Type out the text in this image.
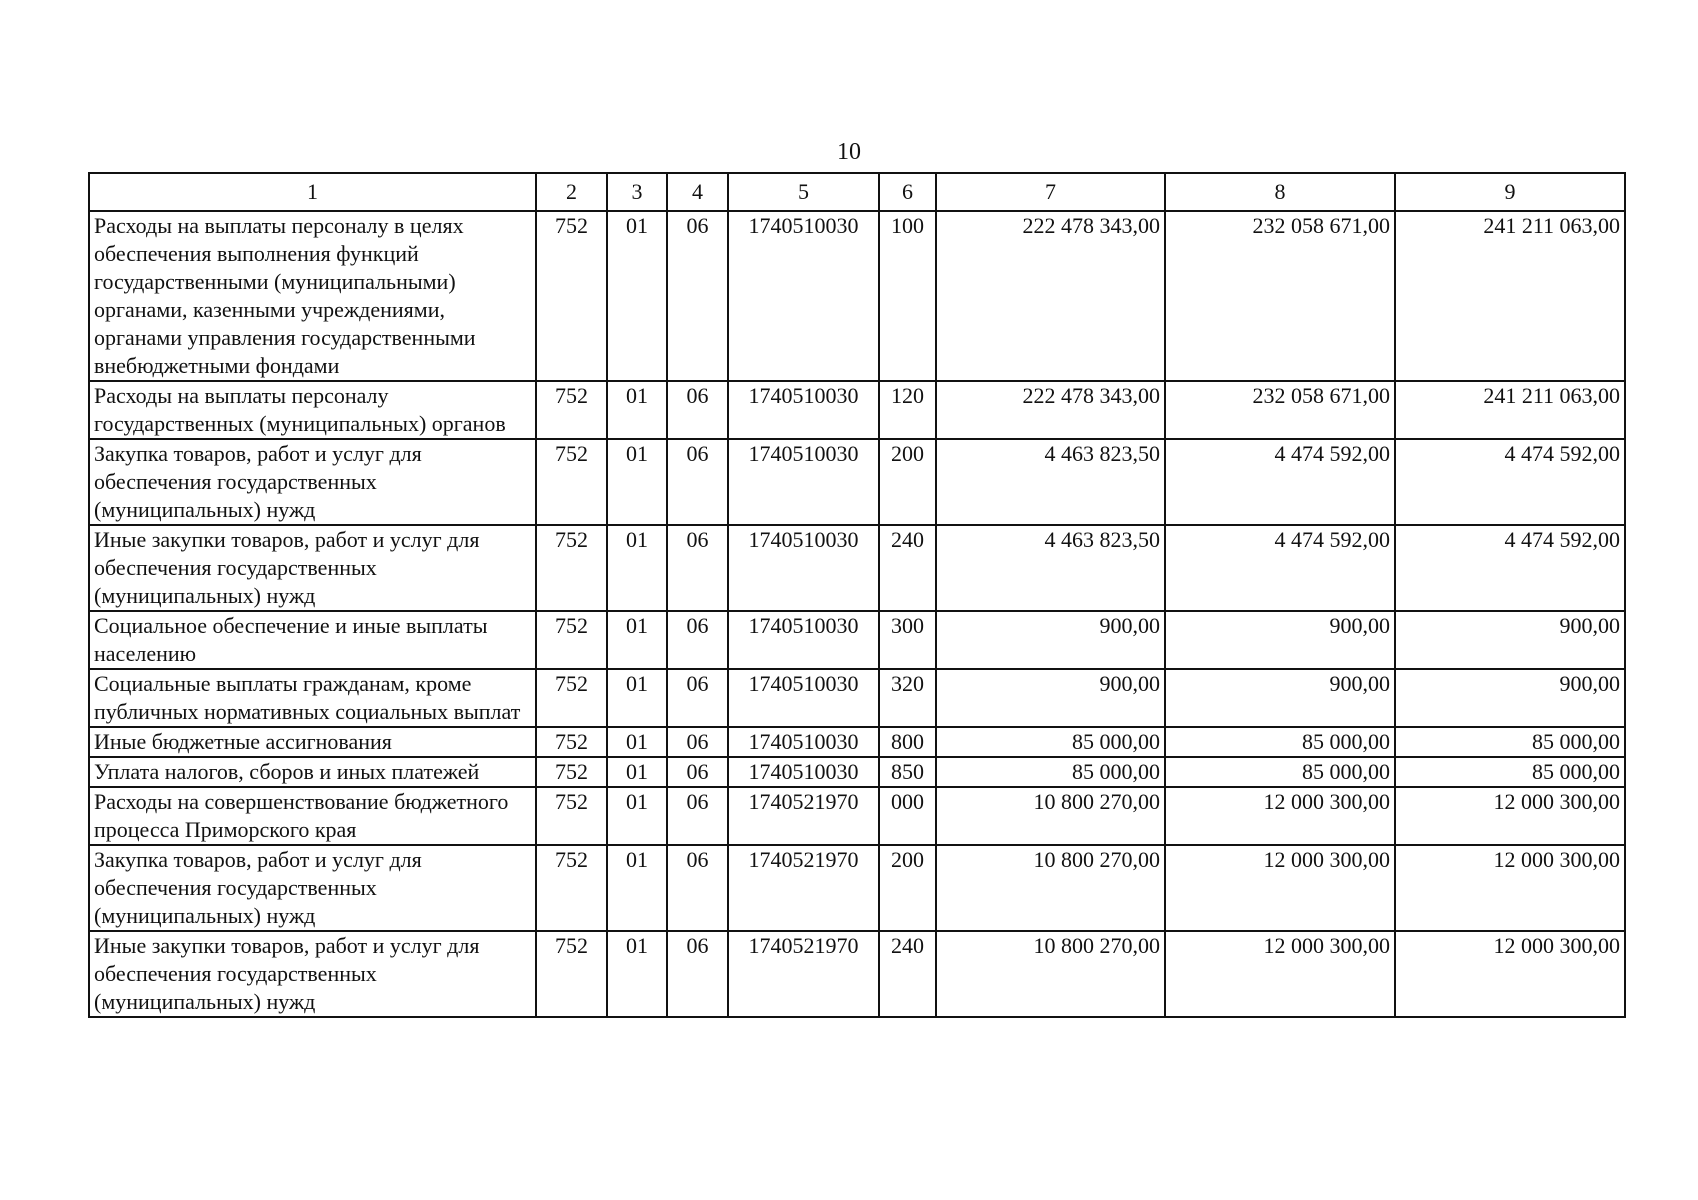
10
1	2	3	4	5	6	7	8	9
Расходы на выплаты персоналу в целях обеспечения выполнения функций государственными (муниципальными) органами, казенными учреждениями, органами управления государственными внебюджетными фондами	752	01	06	1740510030	100	222 478 343,00	232 058 671,00	241 211 063,00
Расходы на выплаты персоналу государственных (муниципальных) органов	752	01	06	1740510030	120	222 478 343,00	232 058 671,00	241 211 063,00
Закупка товаров, работ и услуг для обеспечения государственных (муниципальных) нужд	752	01	06	1740510030	200	4 463 823,50	4 474 592,00	4 474 592,00
Иные закупки товаров, работ и услуг для обеспечения государственных (муниципальных) нужд	752	01	06	1740510030	240	4 463 823,50	4 474 592,00	4 474 592,00
Социальное обеспечение и иные выплаты населению	752	01	06	1740510030	300	900,00	900,00	900,00
Социальные выплаты гражданам, кроме публичных нормативных социальных выплат	752	01	06	1740510030	320	900,00	900,00	900,00
Иные бюджетные ассигнования	752	01	06	1740510030	800	85 000,00	85 000,00	85 000,00
Уплата налогов, сборов и иных платежей	752	01	06	1740510030	850	85 000,00	85 000,00	85 000,00
Расходы на совершенствование бюджетного процесса Приморского края	752	01	06	1740521970	000	10 800 270,00	12 000 300,00	12 000 300,00
Закупка товаров, работ и услуг для обеспечения государственных (муниципальных) нужд	752	01	06	1740521970	200	10 800 270,00	12 000 300,00	12 000 300,00
Иные закупки товаров, работ и услуг для обеспечения государственных (муниципальных) нужд	752	01	06	1740521970	240	10 800 270,00	12 000 300,00	12 000 300,00
